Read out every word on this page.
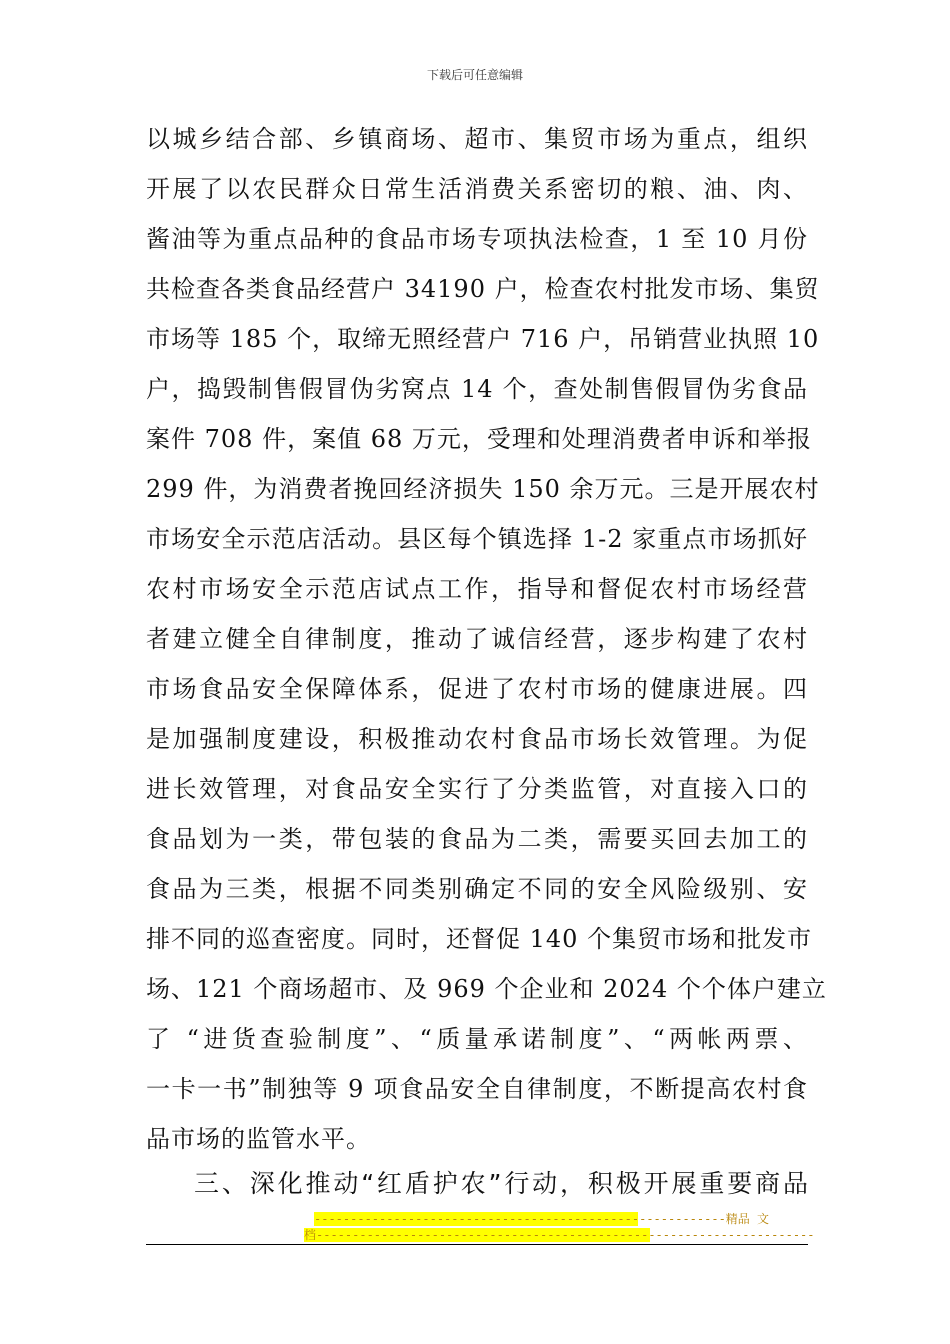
下载后可任意编辑
以城乡结合部、乡镇商场、超市、集贸市场为重点，组织
开展了以农民群众日常生活消费关系密切的粮、油、肉、
酱油等为重点品种的食品市场专项执法检查，1 至 10 月份
共检查各类食品经营户 34190 户，检查农村批发市场、集贸
市场等 185 个，取缔无照经营户 716 户，吊销营业执照 10
户，捣毁制售假冒伪劣窝点 14 个，查处制售假冒伪劣食品
案件 708 件，案值 68 万元，受理和处理消费者申诉和举报
299 件，为消费者挽回经济损失 150 余万元。三是开展农村
市场安全示范店活动。县区每个镇选择 1-2 家重点市场抓好
农村市场安全示范店试点工作，指导和督促农村市场经营
者建立健全自律制度，推动了诚信经营，逐步构建了农村
市场食品安全保障体系，促进了农村市场的健康进展。四
是加强制度建设，积极推动农村食品市场长效管理。为促
进长效管理，对食品安全实行了分类监管，对直接入口的
食品划为一类，带包装的食品为二类，需要买回去加工的
食品为三类，根据不同类别确定不同的安全风险级别、安
排不同的巡查密度。同时，还督促 140 个集贸市场和批发市
场、121 个商场超市、及 969 个企业和 2024 个个体户建立
了 “进货查验制度”、“质量承诺制度”、“两帐两票、
一卡一书”制独等 9 项食品安全自律制度，不断提高农村食
品市场的监管水平。
三、深化推动“红盾护农”行动，积极开展重要商品
---------------------------------------------------------精品 文
档---------------------------------------------------------------------
